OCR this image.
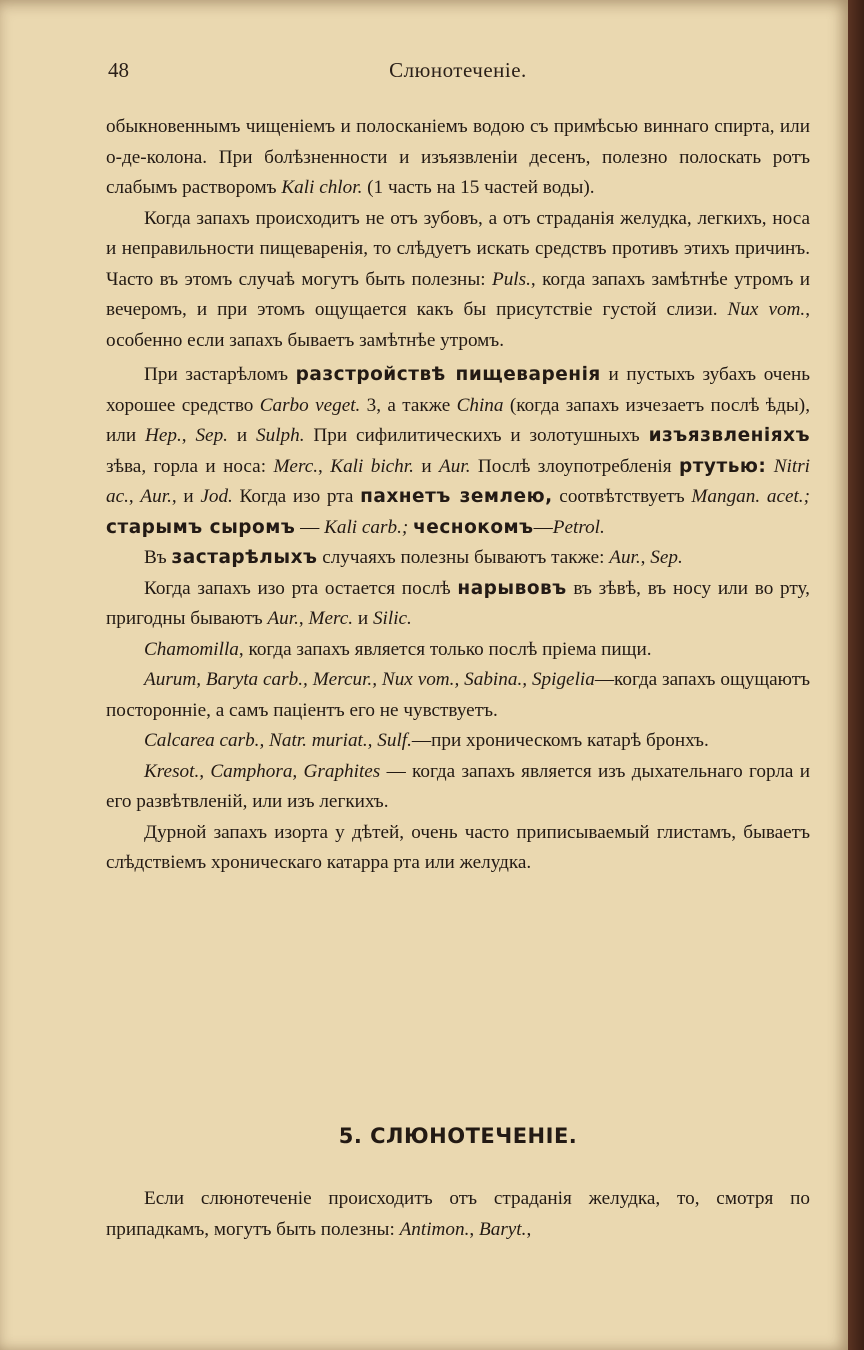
48	Слюнотеченіе.

обыкновеннымъ чищеніемъ и полосканіемъ водою съ примѣсью виннаго спирта, или о-де-колона. При болѣзненности и изъязвленіи десенъ, полезно полоскать ротъ слабымъ растворомъ Kali chlor. (1 часть на 15 частей воды).

Когда запахъ происходитъ не отъ зубовъ, а отъ страданія желудка, легкихъ, носа и неправильности пищеваренія, то слѣдуетъ искать средствъ противъ этихъ причинъ. Часто въ этомъ случаѣ могутъ быть полезны: Puls., когда запахъ замѣтнѣе утромъ и вечеромъ, и при этомъ ощущается какъ бы присутствіе густой слизи. Nux vom., особенно если запахъ бываетъ замѣтнѣе утромъ.

При застарѣломъ разстройствѣ пищеваренія и пустыхъ зубахъ очень хорошее средство Carbo veget. 3, а также China (когда запахъ изчезаетъ послѣ ѣды), или Hep., Sep. и Sulph. При сифилитическихъ и золотушныхъ изъязвленіяхъ зѣва, горла и носа: Merc., Kali bichr. и Aur. Послѣ злоупотребленія ртутью: Nitri ac., Aur., и Jod. Когда изо рта пахнетъ землею, соотвѣтствуетъ Mangan. acet.; старымъ сыромъ — Kali carb.; чеснокомъ—Petrol.

Въ застарѣлыхъ случаяхъ полезны бываютъ также: Aur., Sep.

Когда запахъ изо рта остается послѣ нарывовъ въ зѣвѣ, въ носу или во рту, пригодны бываютъ Aur., Merc. и Silic.

Chamomilla, когда запахъ является только послѣ пріема пищи.

Aurum, Baryta carb., Mercur., Nux vom., Sabina., Spigelia—когда запахъ ощущаютъ посторонніе, а самъ паціентъ его не чувствуетъ.

Calcarea carb., Natr. muriat., Sulf.—при хроническомъ катарѣ бронхъ.

Kresot., Camphora, Graphites — когда запахъ является изъ дыхательнаго горла и его развѣтвленій, или изъ легкихъ.

Дурной запахъ изорта у дѣтей, очень часто приписываемый глистамъ, бываетъ слѣдствіемъ хроническаго катарра рта или желудка.

5. СЛЮНОТЕЧЕНІЕ.

Если слюнотеченіе происходитъ отъ страданія желудка, то, смотря по припадкамъ, могутъ быть полезны: Antimon., Baryt.,
